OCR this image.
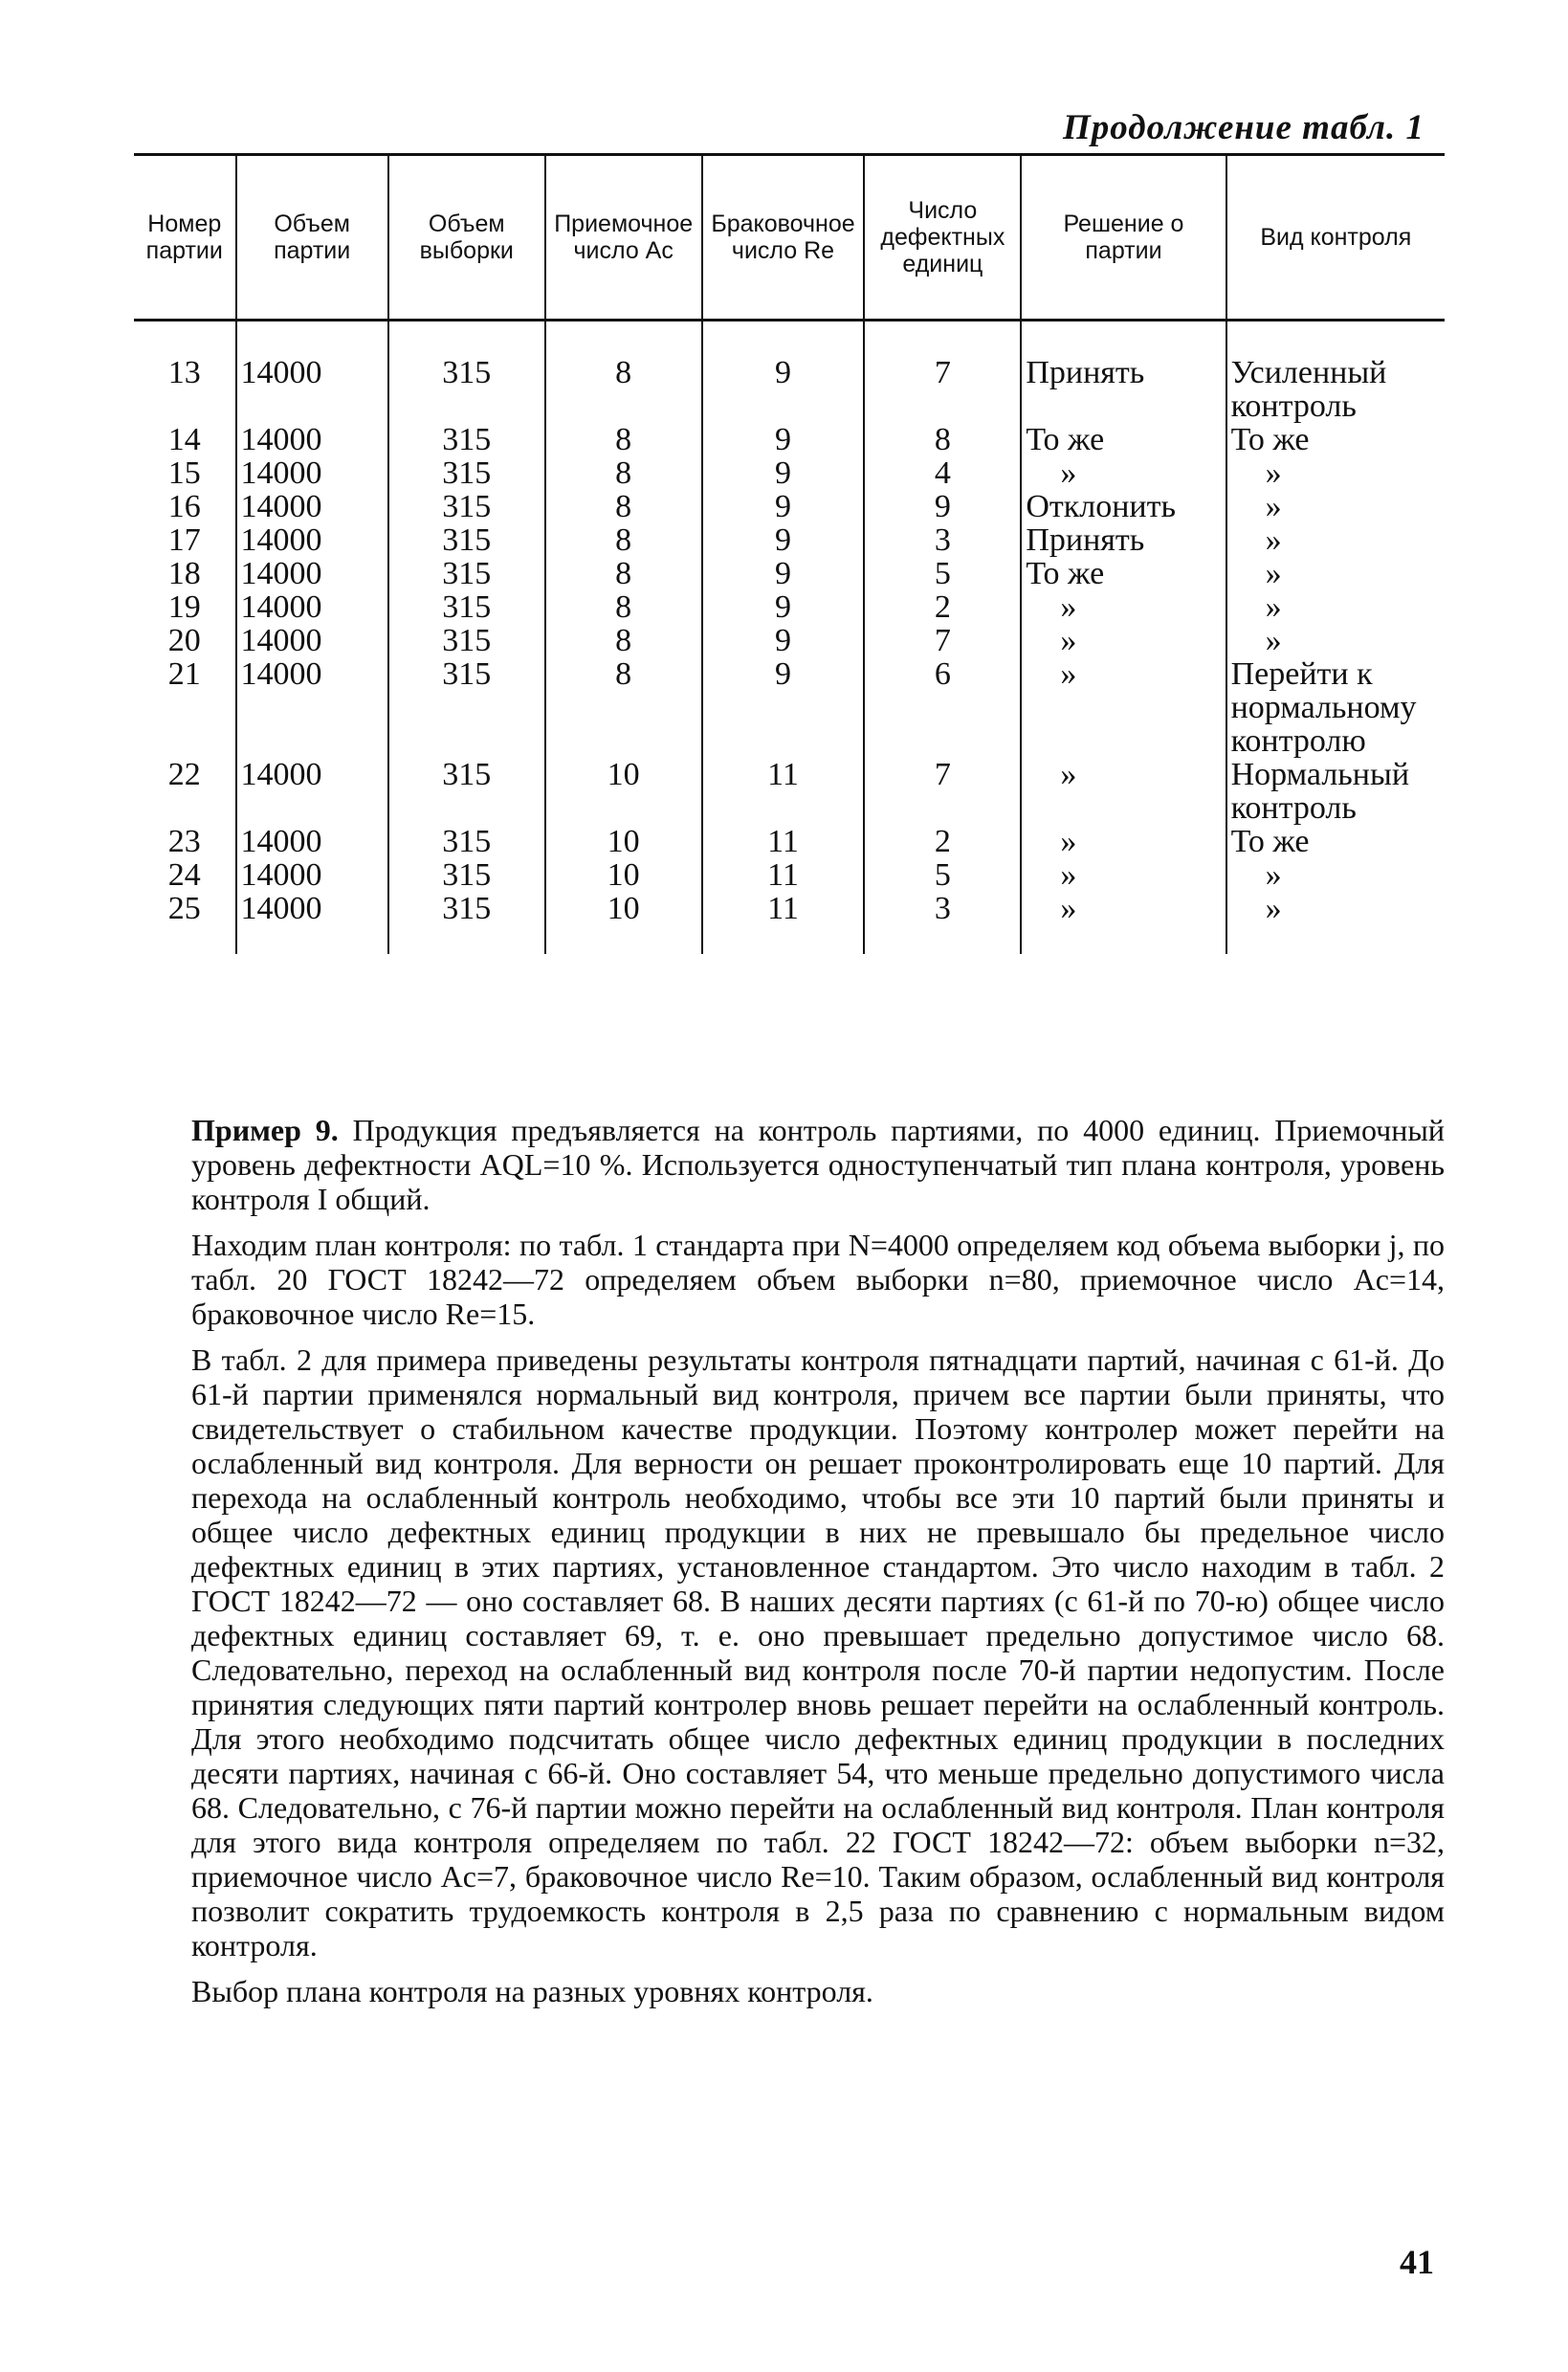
Продолжение табл. 1
Номер партии	Объем партии	Объем выборки	Приемочное число Ac	Браковочное число Re	Число дефектных единиц	Решение о партии	Вид контроля

13	14000	315	8	9	7	Принять	Усиленный контроль
14	14000	315	8	9	8	То же	То же
15	14000	315	8	9	4	»	»
16	14000	315	8	9	9	Отклонить	»
17	14000	315	8	9	3	Принять	»
18	14000	315	8	9	5	То же	»
19	14000	315	8	9	2	»	»
20	14000	315	8	9	7	»	»
21	14000	315	8	9	6	»	Перейти к нормальному контролю
22	14000	315	10	11	7	»	Нормальный контроль
23	14000	315	10	11	2	»	То же
24	14000	315	10	11	5	»	»
25	14000	315	10	11	3	»	»

Пример 9. Продукция предъявляется на контроль партиями, по 4000 единиц. Приемочный уровень дефектности AQL=10 %. Используется одноступенчатый тип плана контроля, уровень контроля I общий.

Находим план контроля: по табл. 1 стандарта при N=4000 определяем код объема выборки j, по табл. 20 ГОСТ 18242—72 определяем объем выборки n=80, приемочное число Ac=14, браковочное число Re=15.

В табл. 2 для примера приведены результаты контроля пятнадцати партий, начиная с 61-й. До 61-й партии применялся нормальный вид контроля, причем все партии были приняты, что свидетельствует о стабильном качестве продукции. Поэтому контролер может перейти на ослабленный вид контроля. Для верности он решает проконтролировать еще 10 партий. Для перехода на ослабленный контроль необходимо, чтобы все эти 10 партий были приняты и общее число дефектных единиц продукции в них не превышало бы предельное число дефектных единиц в этих партиях, установленное стандартом. Это число находим в табл. 2 ГОСТ 18242—72 — оно составляет 68. В наших десяти партиях (с 61-й по 70-ю) общее число дефектных единиц составляет 69, т. е. оно превышает предельно допустимое число 68. Следовательно, переход на ослабленный вид контроля после 70-й партии недопустим. После принятия следующих пяти партий контролер вновь решает перейти на ослабленный контроль. Для этого необходимо подсчитать общее число дефектных единиц продукции в последних десяти партиях, начиная с 66-й. Оно составляет 54, что меньше предельно допустимого числа 68. Следовательно, с 76-й партии можно перейти на ослабленный вид контроля. План контроля для этого вида контроля определяем по табл. 22 ГОСТ 18242—72: объем выборки n=32, приемочное число Ac=7, браковочное число Re=10. Таким образом, ослабленный вид контроля позволит сократить трудоемкость контроля в 2,5 раза по сравнению с нормальным видом контроля.

Выбор плана контроля на разных уровнях контроля.

41
